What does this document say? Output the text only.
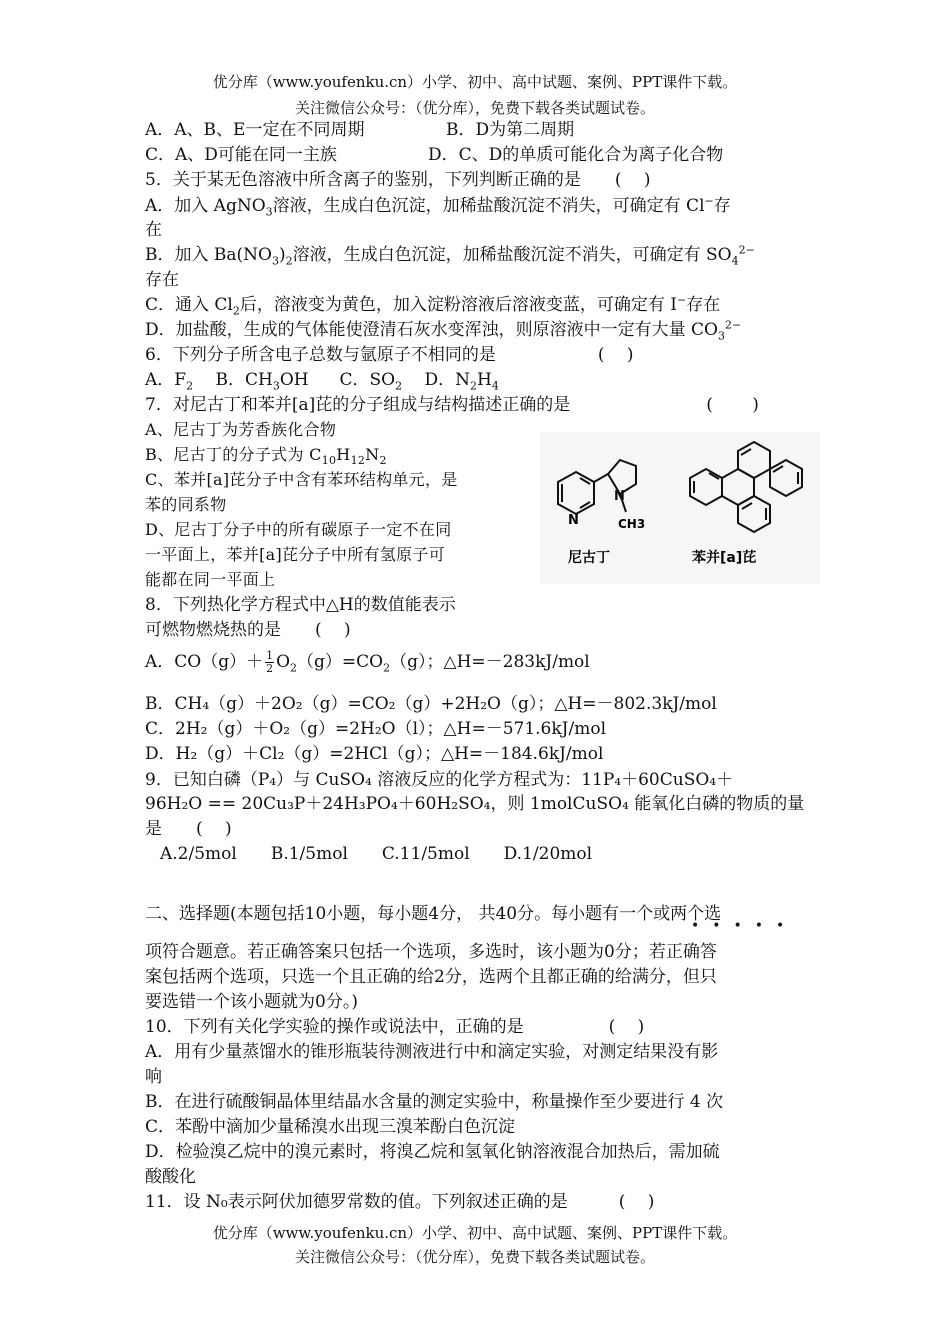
优分库（www.youfenku.cn）小学、初中、高中试题、案例、PPT课件下载。
关注微信公众号：（优分库），免费下载各类试题试卷。
A．A、B、E一定在不同周期	B．D为第二周期
C．A、D可能在同一主族	D．C、D的单质可能化合为离子化合物
5．关于某无色溶液中所含离子的鉴别，下列判断正确的是　　(　 )
A．加入 AgNO$_3$溶液，生成白色沉淀，加稀盐酸沉淀不消失，可确定有 Cl−存
在
B．加入 $Ba(NO_3)_2$溶液，生成白色沉淀，加稀盐酸沉淀不消失，可确定有 $SO_4^{2-}$
存在
C．通入 $Cl_2$后，溶液变为黄色，加入淀粉溶液后溶液变蓝，可确定有 I−存在
D．加盐酸，生成的气体能使澄清石灰水变浑浊，则原溶液中一定有大量 $CO_3^{2-}$
6．下列分子所含电子总数与氩原子不相同的是　　　　　　(　 )
A．$F_2$  B．$CH_3OH$   C．$SO_2$  D．$N_2H_4$
7．对尼古丁和苯并[a]芘的分子组成与结构描述正确的是　　　　　　　　(　　 )
A、尼古丁为芳香族化合物
B、尼古丁的分子式为 $C_{10}H_{12}N_2$
C、苯并[a]芘分子中含有苯环结构单元，是
苯的同系物
D、尼古丁分子中的所有碳原子一定不在同
一平面上，苯并[a]芘分子中所有氢原子可
能都在同一平面上
N
N
CH3
尼古丁	苯并[a]芘
8．下列热化学方程式中△H的数值能表示
可燃物燃烧热的是　　(　 )
A．$CO(g)+ \frac{1}{2} O_2(g)=CO_2(g)$；△H=－283kJ/mol
B．CH₄（g）＋2O₂（g）=CO₂（g）+2H₂O（g）；△H=－802.3kJ/mol
C．2H₂（g）＋O₂（g）=2H₂O（l）；△H=－571.6kJ/mol
D．H₂（g）＋Cl₂（g）=2HCl（g）；△H=－184.6kJ/mol
9．已知白磷（P₄）与 CuSO₄ 溶液反应的化学方程式为：11P₄＋60CuSO₄＋
96H₂O == 20Cu₃P＋24H₃PO₄＋60H₂SO₄，则 1molCuSO₄ 能氧化白磷的物质的量
是　　(　 )
A.2/5mol　　B.1/5mol　　C.11/5mol　　D.1/20mol
二、选择题(本题包括10小题，每小题4分， 共40分。每小题有一个或两个选
•••••
项符合题意。若正确答案只包括一个选项，多选时，该小题为0分；若正确答
案包括两个选项，只选一个且正确的给2分，选两个且都正确的给满分，但只
要选错一个该小题就为0分。)
10．下列有关化学实验的操作或说法中，正确的是　　　　　(　 )
A．用有少量蒸馏水的锥形瓶装待测液进行中和滴定实验，对测定结果没有影
响
B．在进行硫酸铜晶体里结晶水含量的测定实验中，称量操作至少要进行 4 次
C．苯酚中滴加少量稀溴水出现三溴苯酚白色沉淀
D．检验溴乙烷中的溴元素时，将溴乙烷和氢氧化钠溶液混合加热后，需加硫
酸酸化
11．设 N₀表示阿伏加德罗常数的值。下列叙述正确的是　　　(　 )
优分库（www.youfenku.cn）小学、初中、高中试题、案例、PPT课件下载。
关注微信公众号：（优分库），免费下载各类试题试卷。
